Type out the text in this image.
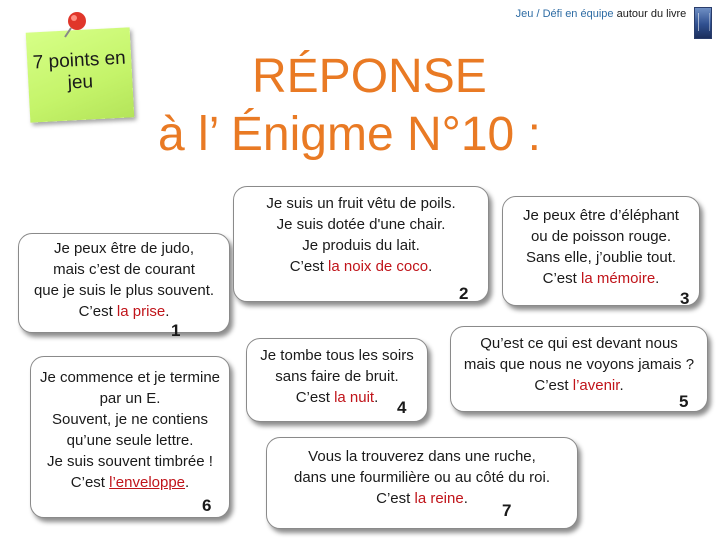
Jeu / Défi en équipe autour du livre
7 points en jeu	RÉPONSE
à l’ Énigme N°10 :
Je peux être de judo,
mais c’est de courant
que je suis le plus souvent.
C’est la prise.
1
Je suis un fruit vêtu de poils.
Je suis dotée d'une chair.
Je produis du lait.
C’est la noix de coco.
2
Je peux être d’éléphant
ou de poisson rouge.
Sans elle, j’oublie tout.
C’est la mémoire.
3
Je tombe tous les soirs
sans faire de bruit.
C’est la nuit.
4
Qu’est ce qui est devant nous
mais que nous ne voyons jamais ?
C’est l’avenir.
5
Je commence et je termine
par un E.
Souvent, je ne contiens
qu’une seule lettre.
Je suis souvent timbrée !
C’est l’enveloppe.
6
Vous la trouverez dans une ruche,
dans une fourmilière ou au côté du roi.
C’est la reine.
7
